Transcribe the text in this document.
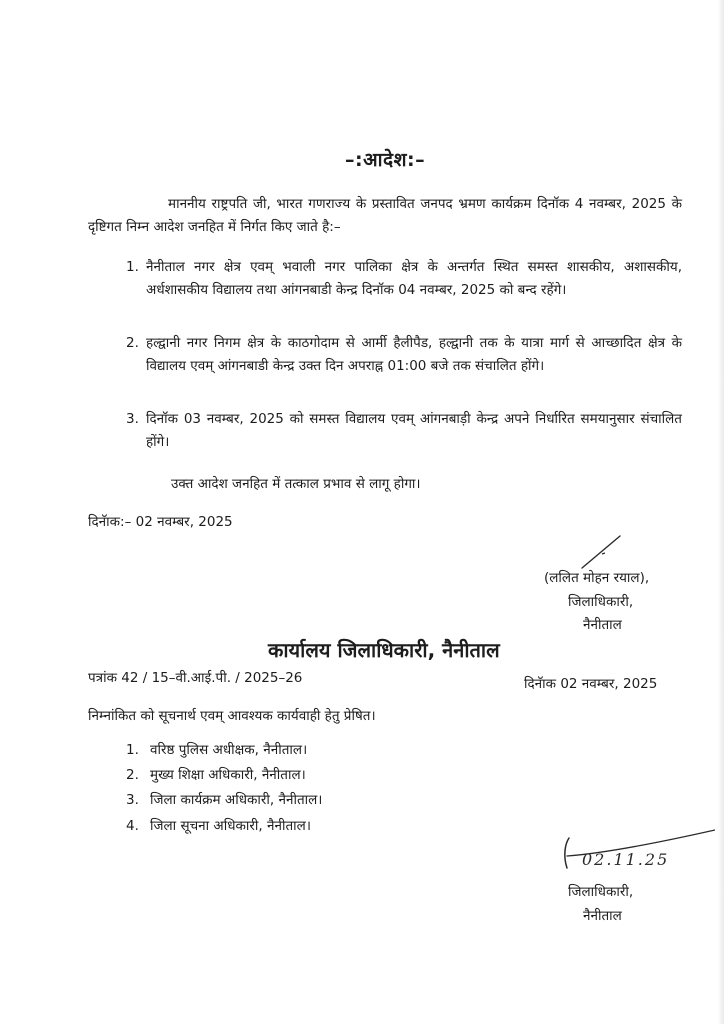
–:आदेश:–
माननीय राष्ट्रपति जी, भारत गणराज्य के प्रस्तावित जनपद भ्रमण कार्यक्रम दिनॉक 4 नवम्बर, 2025 के दृष्टिगत निम्न आदेश जनहित में निर्गत किए जाते है:–
1. नैनीताल नगर क्षेत्र एवम् भवाली नगर पालिका क्षेत्र के अन्तर्गत स्थित समस्त शासकीय, अशासकीय, अर्धशासकीय विद्यालय तथा आंगनबाडी केन्द्र दिनॉक 04 नवम्बर, 2025 को बन्द रहेंगे।
2. हल्द्वानी नगर निगम क्षेत्र के काठगोदाम से आर्मी हैलीपैड, हल्द्वानी तक के यात्रा मार्ग से आच्छादित क्षेत्र के विद्यालय एवम् आंगनबाडी केन्द्र उक्त दिन अपराह्न 01:00 बजे तक संचालित होंगे।
3. दिनॉक 03 नवम्बर, 2025 को समस्त विद्यालय एवम् आंगनबाड़ी केन्द्र अपने निर्धारित समयानुसार संचालित होंगे।
उक्त आदेश जनहित में तत्काल प्रभाव से लागू होगा।
दिनॅाक:– 02 नवम्बर, 2025
(ललित मोहन रयाल),
जिलाधिकारी,
नैनीताल
कार्यालय जिलाधिकारी, नैनीताल
पत्रांक 42 / 15–वी.आई.पी. / 2025–26	दिनॅाक 02 नवम्बर, 2025
निम्नांकित को सूचनार्थ एवम् आवश्यक कार्यवाही हेतु प्रेषित।
1. वरिष्ठ पुलिस अधीक्षक, नैनीताल।
2. मुख्य शिक्षा अधिकारी, नैनीताल।
3. जिला कार्यक्रम अधिकारी, नैनीताल।
4. जिला सूचना अधिकारी, नैनीताल।
02.11.25
जिलाधिकारी,
नैनीताल
